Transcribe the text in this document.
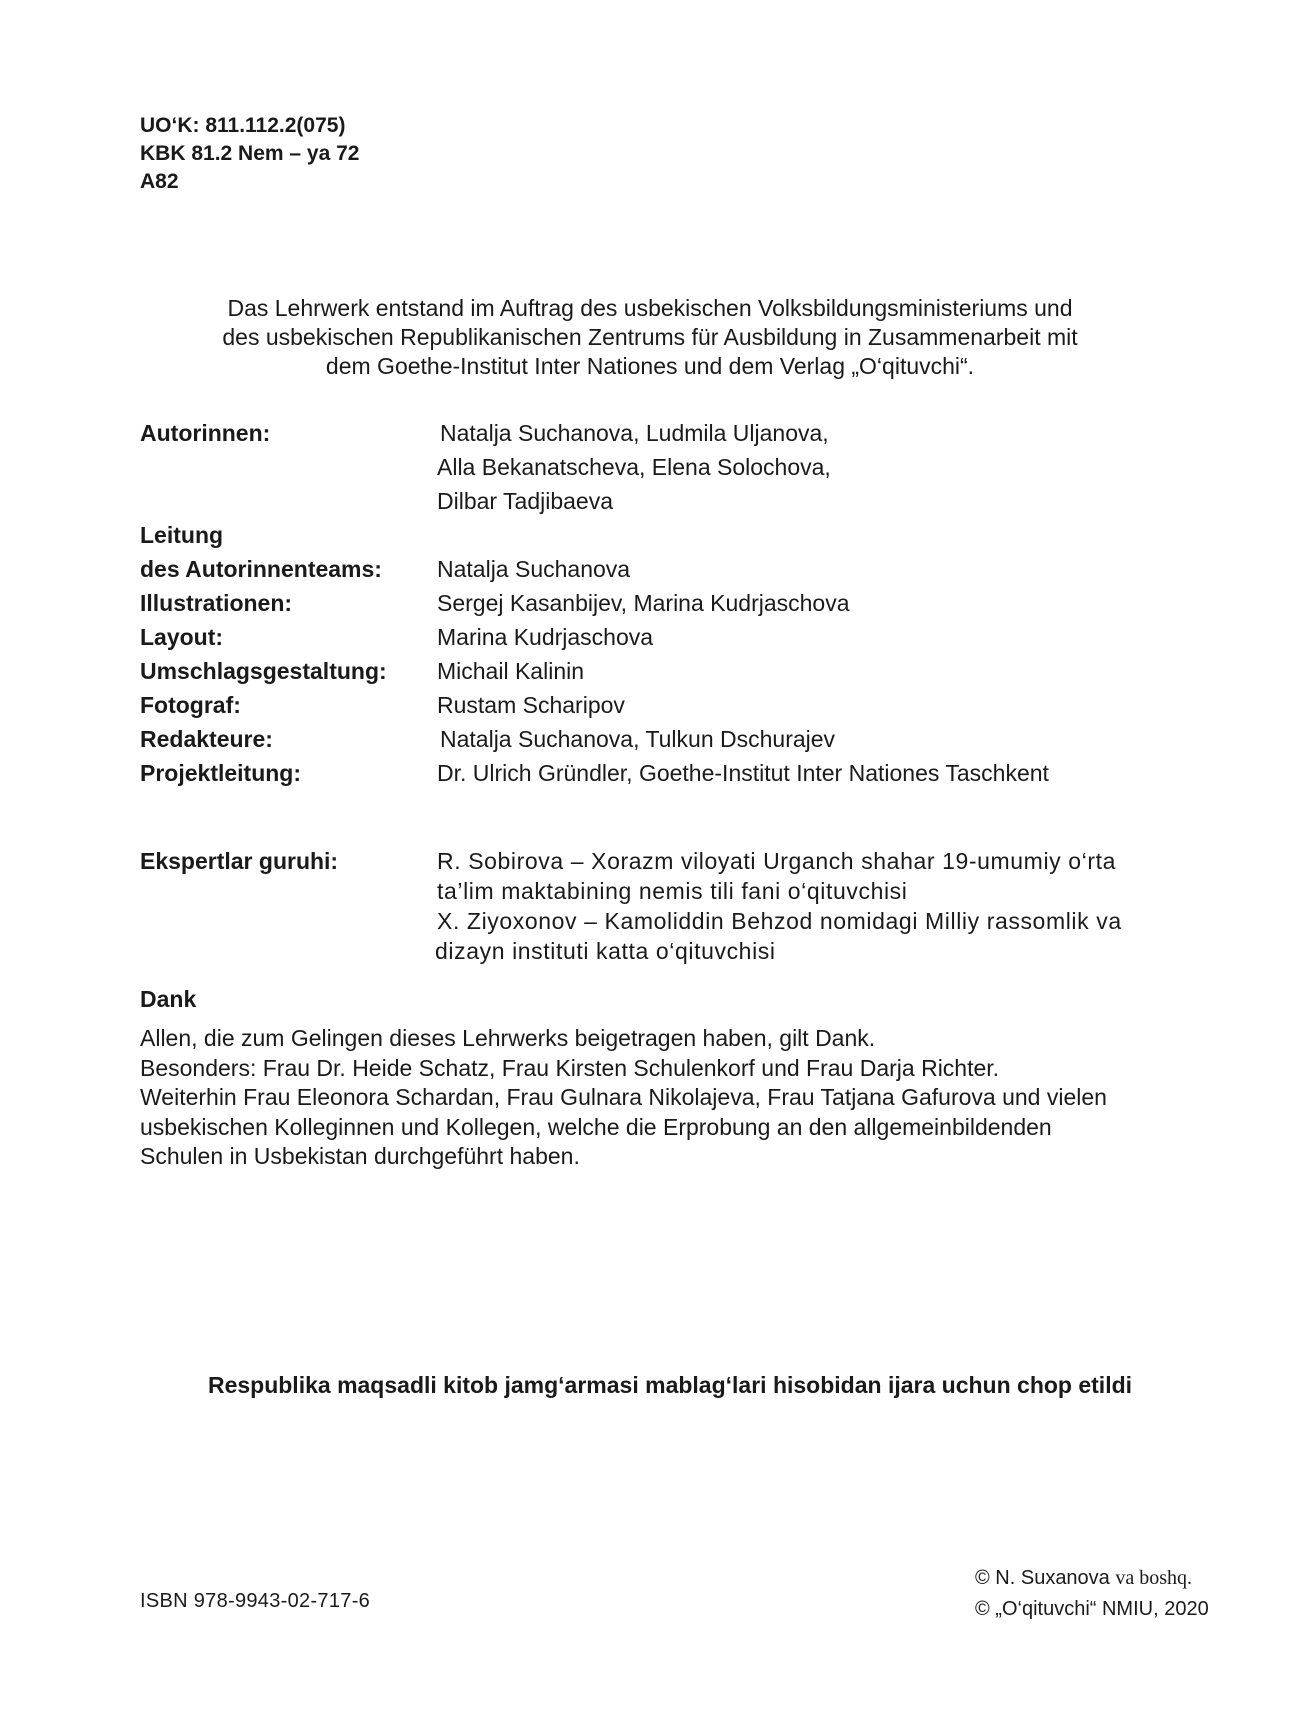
UO‘K: 811.112.2(075)
KBK 81.2 Nem – ya 72
A82
Das Lehrwerk entstand im Auftrag des usbekischen Volksbildungsministeriums und
des usbekischen Republikanischen Zentrums für Ausbildung in Zusammenarbeit mit
dem Goethe-Institut Inter Nationes und dem Verlag „O‘qituvchi“.
Autorinnen:	Natalja Suchanova, Ludmila Uljanova,
Alla Bekanatscheva, Elena Solochova,
Dilbar Tadjibaeva
Leitung
des Autorinnenteams:	Natalja Suchanova
Illustrationen:	Sergej Kasanbijev, Marina Kudrjaschova
Layout:	Marina Kudrjaschova
Umschlagsgestaltung:	Michail Kalinin
Fotograf:	Rustam Scharipov
Redakteure:	Natalja Suchanova, Tulkun Dschurajev
Projektleitung:	Dr. Ulrich Gründler, Goethe-Institut Inter Nationes Taschkent
Ekspertlar guruhi:	R. Sobirova – Xorazm viloyati Urganch shahar 19-umumiy o‘rta
ta’lim maktabining nemis tili fani o‘qituvchisi
X. Ziyoxonov – Kamoliddin Behzod nomidagi Milliy rassomlik va
dizayn instituti katta o‘qituvchisi
Dank
Allen, die zum Gelingen dieses Lehrwerks beigetragen haben, gilt Dank.
Besonders: Frau Dr. Heide Schatz, Frau Kirsten Schulenkorf und Frau Darja Richter.
Weiterhin Frau Eleonora Schardan, Frau Gulnara Nikolajeva, Frau Tatjana Gafurova und vielen
usbekischen Kolleginnen und Kollegen, welche die Erprobung an den allgemeinbildenden
Schulen in Usbekistan durchgeführt haben.
Respublika maqsadli kitob jamg‘armasi mablag‘lari hisobidan ijara uchun chop etildi
ISBN 978-9943-02-717-6
© N. Suxanova va boshq.
© „O‘qituvchi“ NMIU, 2020
